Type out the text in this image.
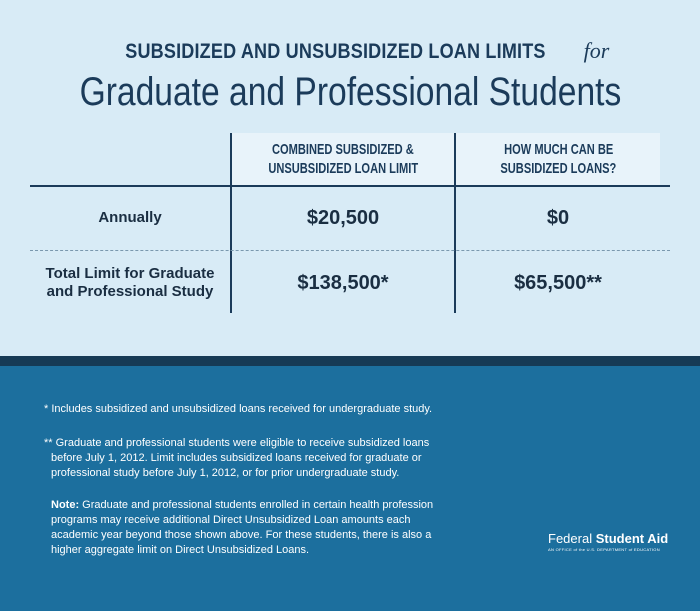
SUBSIDIZED AND UNSUBSIDIZED LOAN LIMITS for
Graduate and Professional Students
COMBINED SUBSIDIZED &
UNSUBSIDIZED LOAN LIMIT
HOW MUCH CAN BE
SUBSIDIZED LOANS?
Annually	$20,500	$0
Total Limit for Graduate
and Professional Study	$138,500*	$65,500**
* Includes subsidized and unsubsidized loans received for undergraduate study.
** Graduate and professional students were eligible to receive subsidized loans
before July 1, 2012. Limit includes subsidized loans received for graduate or
professional study before July 1, 2012, or for prior undergraduate study.
Note: Graduate and professional students enrolled in certain health profession
programs may receive additional Direct Unsubsidized Loan amounts each
academic year beyond those shown above. For these students, there is also a
higher aggregate limit on Direct Unsubsidized Loans.
Federal Student Aid
AN OFFICE of the U.S. DEPARTMENT of EDUCATION
